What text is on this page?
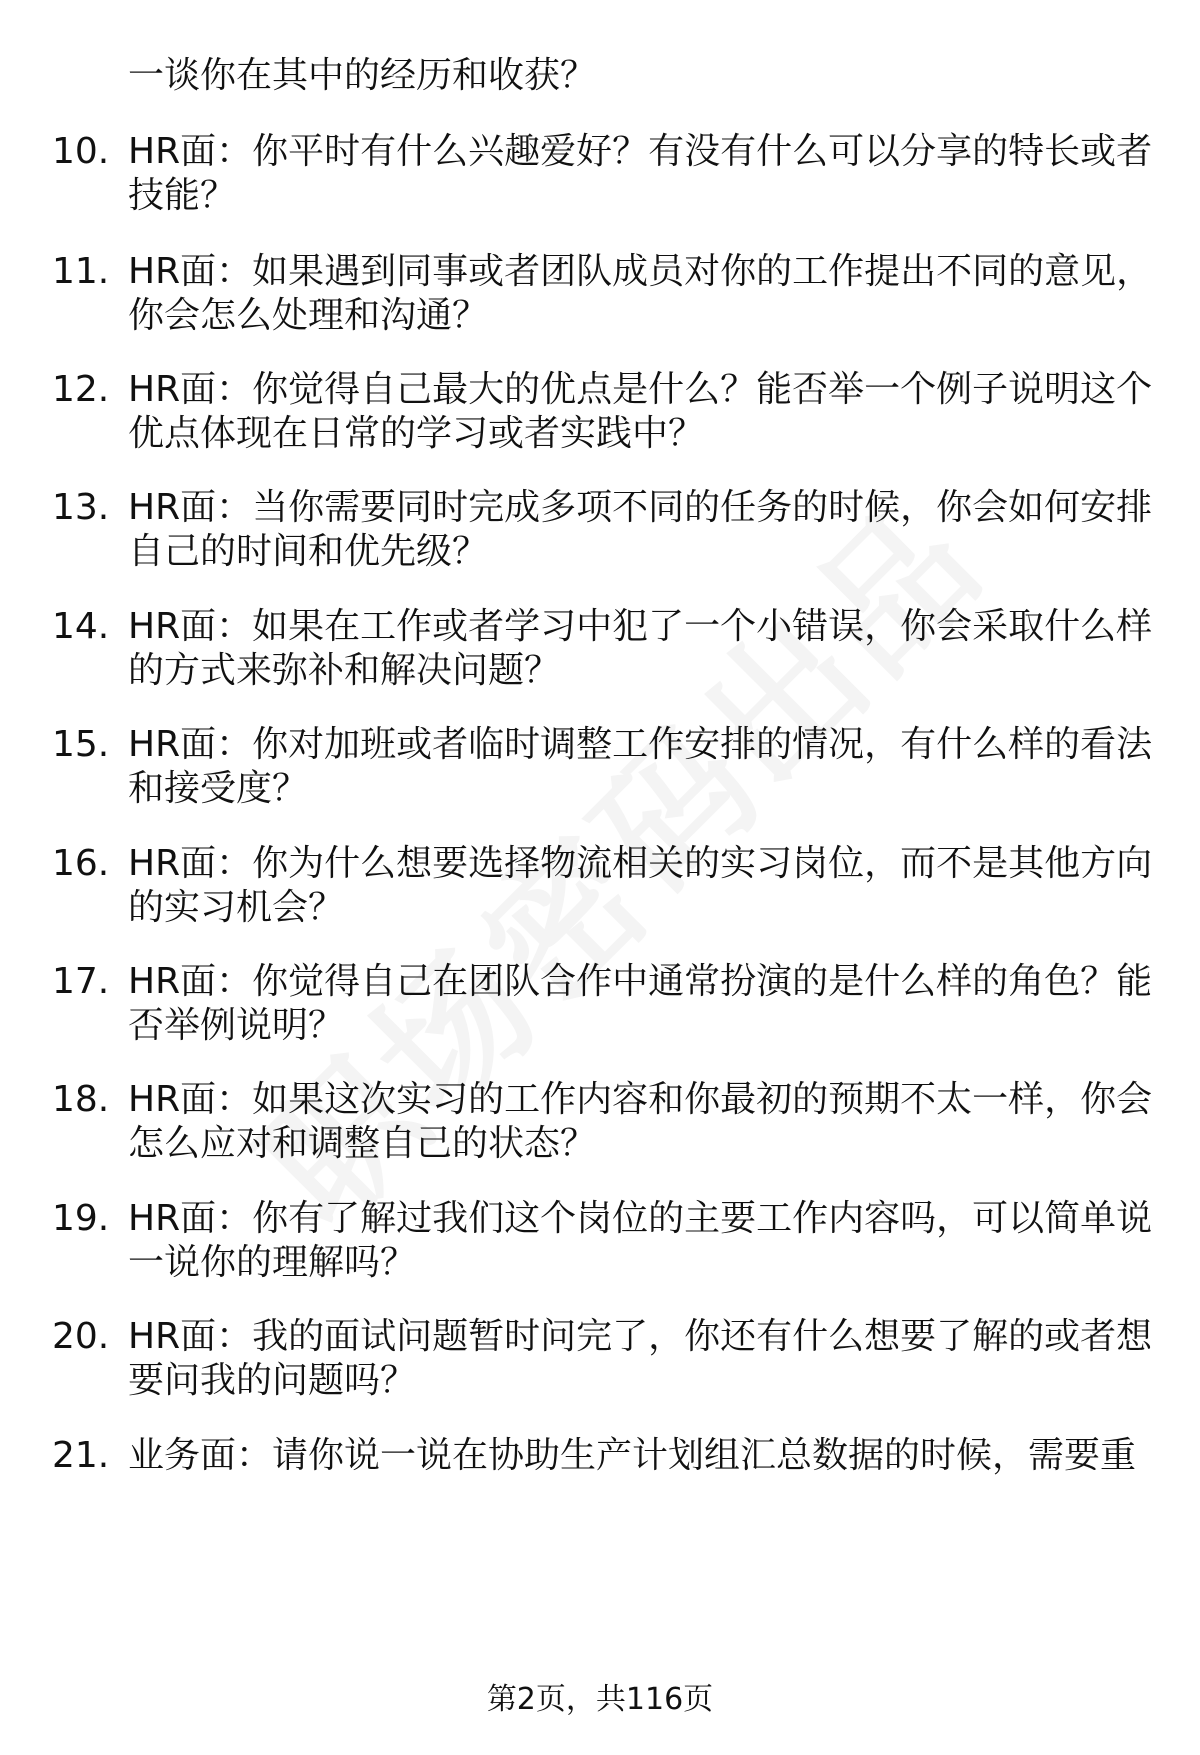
一谈你在其中的经历和收获？
10. HR面：你平时有什么兴趣爱好？有没有什么可以分享的特长或者
技能？
11. HR面：如果遇到同事或者团队成员对你的工作提出不同的意见，
你会怎么处理和沟通？
12. HR面：你觉得自己最大的优点是什么？能否举一个例子说明这个
优点体现在日常的学习或者实践中？
13. HR面：当你需要同时完成多项不同的任务的时候，你会如何安排
自己的时间和优先级？
14. HR面：如果在工作或者学习中犯了一个小错误，你会采取什么样
的方式来弥补和解决问题？
15. HR面：你对加班或者临时调整工作安排的情况，有什么样的看法
和接受度？
16. HR面：你为什么想要选择物流相关的实习岗位，而不是其他方向
的实习机会？
17. HR面：你觉得自己在团队合作中通常扮演的是什么样的角色？能
否举例说明？
18. HR面：如果这次实习的工作内容和你最初的预期不太一样，你会
怎么应对和调整自己的状态？
19. HR面：你有了解过我们这个岗位的主要工作内容吗，可以简单说
一说你的理解吗？
20. HR面：我的面试问题暂时问完了，你还有什么想要了解的或者想
要问我的问题吗？
21. 业务面：请你说一说在协助生产计划组汇总数据的时候，需要重
第2页，共116页
